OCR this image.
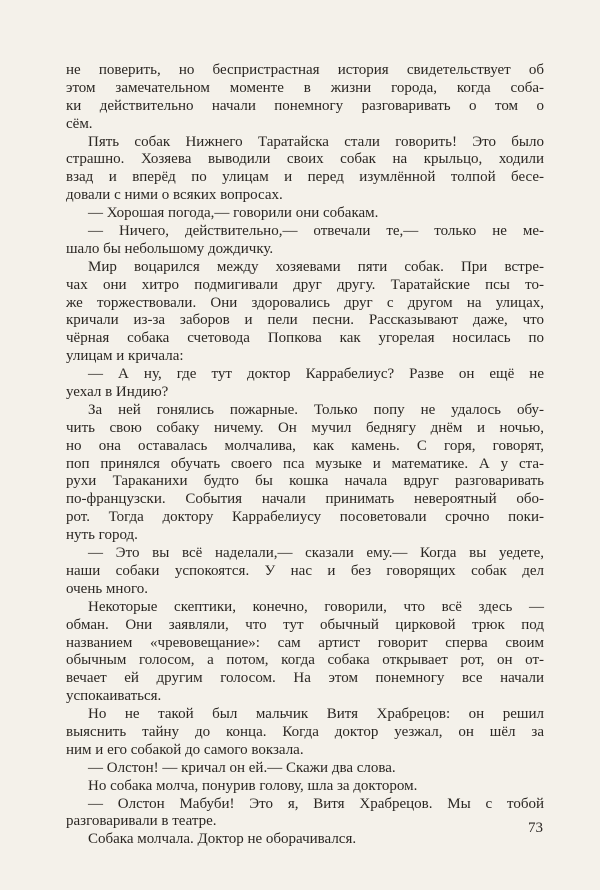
не поверить, но беспристрастная история свидетельствует об
этом замечательном моменте в жизни города, когда соба-
ки действительно начали понемногу разговаривать о том о
сём.
Пять собак Нижнего Таратайска стали говорить! Это было
страшно. Хозяева выводили своих собак на крыльцо, ходили
взад и вперёд по улицам и перед изумлённой толпой бесе-
довали с ними о всяких вопросах.
— Хорошая погода,— говорили они собакам.
— Ничего, действительно,— отвечали те,— только не ме-
шало бы небольшому дождичку.
Мир воцарился между хозяевами пяти собак. При встре-
чах они хитро подмигивали друг другу. Таратайские псы то-
же торжествовали. Они здоровались друг с другом на улицах,
кричали из-за заборов и пели песни. Рассказывают даже, что
чёрная собака счетовода Попкова как угорелая носилась по
улицам и кричала:
— А ну, где тут доктор Каррабелиус? Разве он ещё не
уехал в Индию?
За ней гонялись пожарные. Только попу не удалось обу-
чить свою собаку ничему. Он мучил беднягу днём и ночью,
но она оставалась молчалива, как камень. С горя, говорят,
поп принялся обучать своего пса музыке и математике. А у ста-
рухи Тараканихи будто бы кошка начала вдруг разговаривать
по-французски. События начали принимать невероятный обо-
рот. Тогда доктору Каррабелиусу посоветовали срочно поки-
нуть город.
— Это вы всё наделали,— сказали ему.— Когда вы уедете,
наши собаки успокоятся. У нас и без говорящих собак дел
очень много.
Некоторые скептики, конечно, говорили, что всё здесь —
обман. Они заявляли, что тут обычный цирковой трюк под
названием «чревовещание»: сам артист говорит сперва своим
обычным голосом, а потом, когда собака открывает рот, он от-
вечает ей другим голосом. На этом понемногу все начали
успокаиваться.
Но не такой был мальчик Витя Храбрецов: он решил
выяснить тайну до конца. Когда доктор уезжал, он шёл за
ним и его собакой до самого вокзала.
— Олстон! — кричал он ей.— Скажи два слова.
Но собака молча, понурив голову, шла за доктором.
— Олстон Мабуби! Это я, Витя Храбрецов. Мы с тобой
разговаривали в театре.
Собака молчала. Доктор не оборачивался.
73
